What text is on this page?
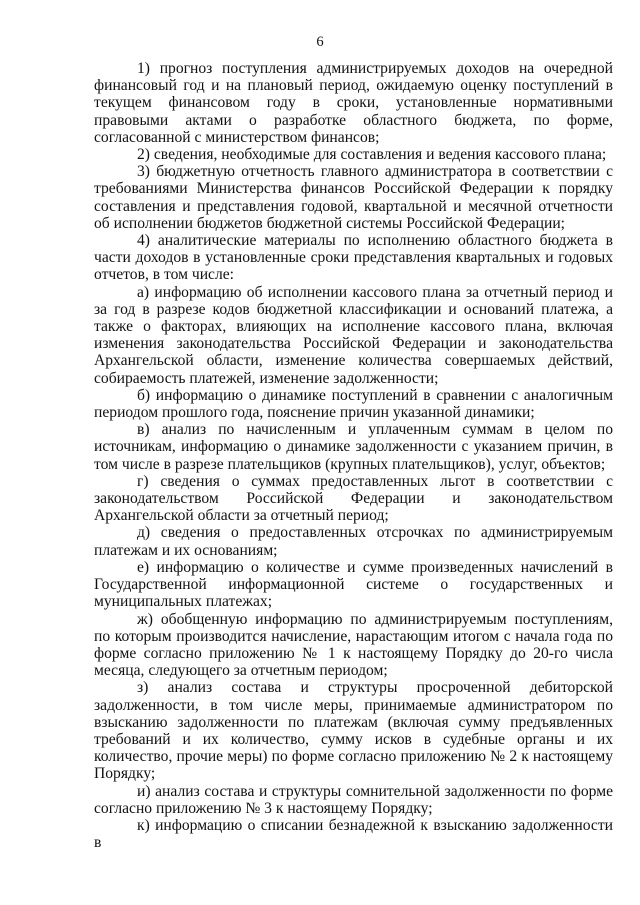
6

1) прогноз поступления администрируемых доходов на очередной финансовый год и на плановый период, ожидаемую оценку поступлений в текущем финансовом году в сроки, установленные нормативными правовыми актами о разработке областного бюджета, по форме, согласованной с министерством финансов;

2) сведения, необходимые для составления и ведения кассового плана;

3) бюджетную отчетность главного администратора в соответствии с требованиями Министерства финансов Российской Федерации к порядку составления и представления годовой, квартальной и месячной отчетности об исполнении бюджетов бюджетной системы Российской Федерации;

4) аналитические материалы по исполнению областного бюджета в части доходов в установленные сроки представления квартальных и годовых отчетов, в том числе:

а) информацию об исполнении кассового плана за отчетный период и за год в разрезе кодов бюджетной классификации и оснований платежа, а также о факторах, влияющих на исполнение кассового плана, включая изменения законодательства Российской Федерации и законодательства Архангельской области, изменение количества совершаемых действий, собираемость платежей, изменение задолженности;

б) информацию о динамике поступлений в сравнении с аналогичным периодом прошлого года, пояснение причин указанной динамики;

в) анализ по начисленным и уплаченным суммам в целом по источникам, информацию о динамике задолженности с указанием причин, в том числе в разрезе плательщиков (крупных плательщиков), услуг, объектов;

г) сведения о суммах предоставленных льгот в соответствии с законодательством Российской Федерации и законодательством Архангельской области за отчетный период;

д) сведения о предоставленных отсрочках по администрируемым платежам и их основаниям;

е) информацию о количестве и сумме произведенных начислений в Государственной информационной системе о государственных и муниципальных платежах;

ж) обобщенную информацию по администрируемым поступлениям, по которым производится начисление, нарастающим итогом с начала года по форме согласно приложению № 1 к настоящему Порядку до 20-го числа месяца, следующего за отчетным периодом;

з) анализ состава и структуры просроченной дебиторской задолженности, в том числе меры, принимаемые администратором по взысканию задолженности по платежам (включая сумму предъявленных требований и их количество, сумму исков в судебные органы и их количество, прочие меры) по форме согласно приложению № 2 к настоящему Порядку;

и) анализ состава и структуры сомнительной задолженности по форме согласно приложению № 3 к настоящему Порядку;

к) информацию о списании безнадежной к взысканию задолженности в
